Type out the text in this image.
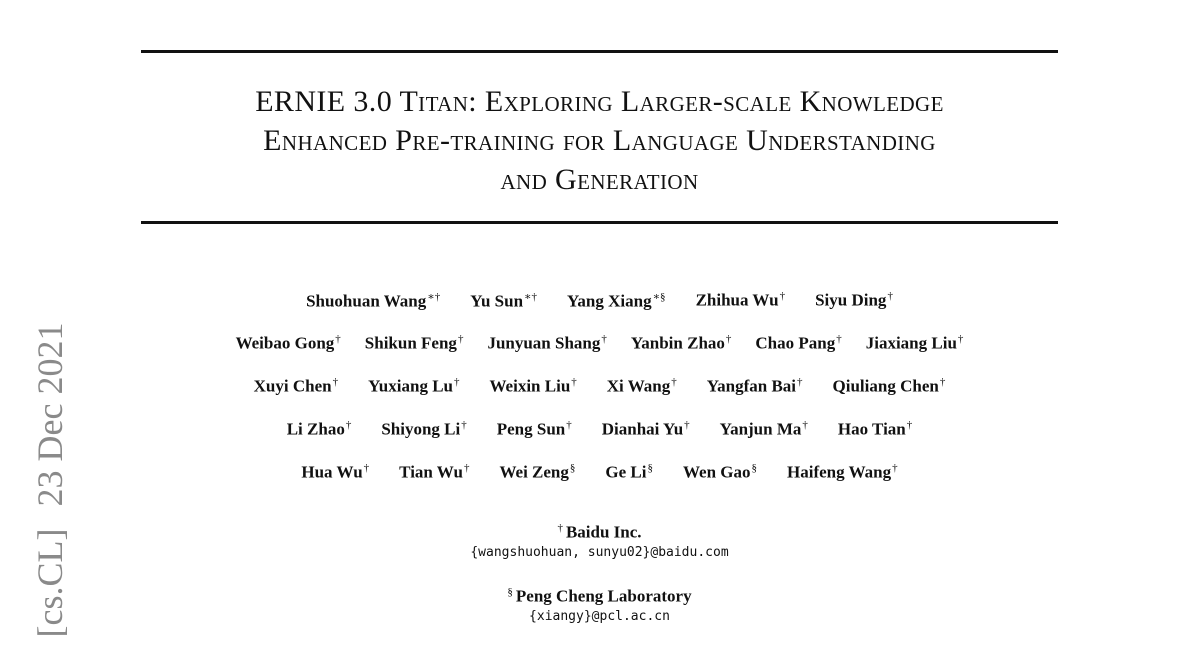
ERNIE 3.0 Titan: Exploring Larger-scale Knowledge
Enhanced Pre-training for Language Understanding
and Generation
Shuohuan Wang∗† Yu Sun∗† Yang Xiang∗§ Zhihua Wu† Siyu Ding†
Weibao Gong† Shikun Feng† Junyuan Shang† Yanbin Zhao† Chao Pang† Jiaxiang Liu†
Xuyi Chen† Yuxiang Lu† Weixin Liu† Xi Wang† Yangfan Bai† Qiuliang Chen†
Li Zhao† Shiyong Li† Peng Sun† Dianhai Yu† Yanjun Ma† Hao Tian†
Hua Wu† Tian Wu† Wei Zeng§ Ge Li§ Wen Gao§ Haifeng Wang†
† Baidu Inc.
{wangshuohuan, sunyu02}@baidu.com
§ Peng Cheng Laboratory
{xiangy}@pcl.ac.cn
[cs.CL]23 Dec 2021
